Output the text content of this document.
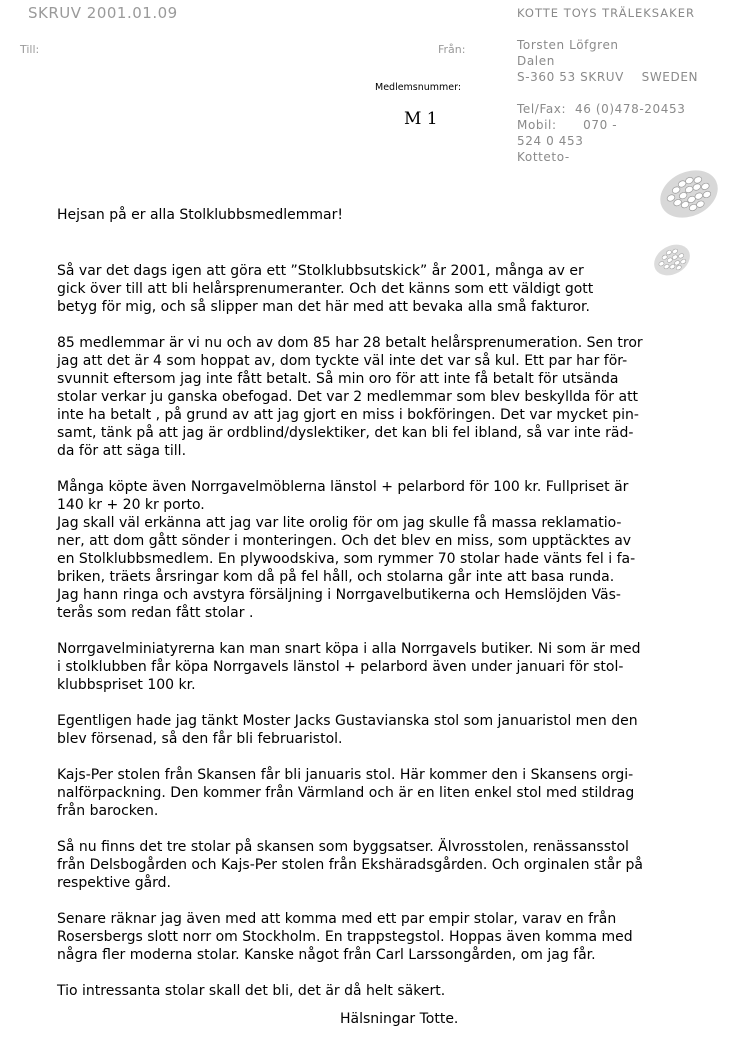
SKRUV 2001.01.09	KOTTE TOYS TRÄLEKSAKER
Till:	Från:	Torsten Löfgren
Dalen
S-360 53 SKRUV    SWEDEN
Medlemsnummer:
M 1	Tel/Fax:  46 (0)478-20453
Mobil:      070 -
524 0 453
Kotteto-
Hejsan på er alla Stolklubbsmedlemmar!

Så var det dags igen att göra ett ”Stolklubbsutskick” år 2001, många av er
gick över till att bli helårsprenumeranter. Och det känns som ett väldigt gott
betyg för mig, och så slipper man det här med att bevaka alla små fakturor.

85 medlemmar är vi nu och av dom 85 har 28 betalt helårsprenumeration. Sen tror
jag att det är 4 som hoppat av, dom tyckte väl inte det var så kul. Ett par har för-
svunnit eftersom jag inte fått betalt. Så min oro för att inte få betalt för utsända
stolar verkar ju ganska obefogad. Det var 2 medlemmar som blev beskyllda för att
inte ha betalt , på grund av att jag gjort en miss i bokföringen. Det var mycket pin-
samt, tänk på att jag är ordblind/dyslektiker, det kan bli fel ibland, så var inte räd-
da för att säga till.

Många köpte även Norrgavelmöblerna länstol + pelarbord för 100 kr. Fullpriset är
140 kr + 20 kr porto.
Jag skall väl erkänna att jag var lite orolig för om jag skulle få massa reklamatio-
ner, att dom gått sönder i monteringen. Och det blev en miss, som upptäcktes av
en Stolklubbsmedlem. En plywoodskiva, som rymmer 70 stolar hade vänts fel i fa-
briken, träets årsringar kom då på fel håll, och stolarna går inte att basa runda.
Jag hann ringa och avstyra försäljning i Norrgavelbutikerna och Hemslöjden Väs-
terås som redan fått stolar .

Norrgavelminiatyrerna kan man snart köpa i alla Norrgavels butiker. Ni som är med
i stolklubben får köpa Norrgavels länstol + pelarbord även under januari för stol-
klubbspriset 100 kr.

Egentligen hade jag tänkt Moster Jacks Gustavianska stol som januaristol men den
blev försenad, så den får bli februaristol.

Kajs-Per stolen från Skansen får bli januaris stol. Här kommer den i Skansens orgi-
nalförpackning. Den kommer från Värmland och är en liten enkel stol med stildrag
från barocken.

Så nu finns det tre stolar på skansen som byggsatser. Älvrosstolen, renässansstol
från Delsbogården och Kajs-Per stolen från Ekshäradsgården. Och orginalen står på
respektive gård.

Senare räknar jag även med att komma med ett par empir stolar, varav en från
Rosersbergs slott norr om Stockholm. En trappstegstol. Hoppas även komma med
några fler moderna stolar. Kanske något från Carl Larssongården, om jag får.

Tio intressanta stolar skall det bli, det är då helt säkert.

Hälsningar Totte.
